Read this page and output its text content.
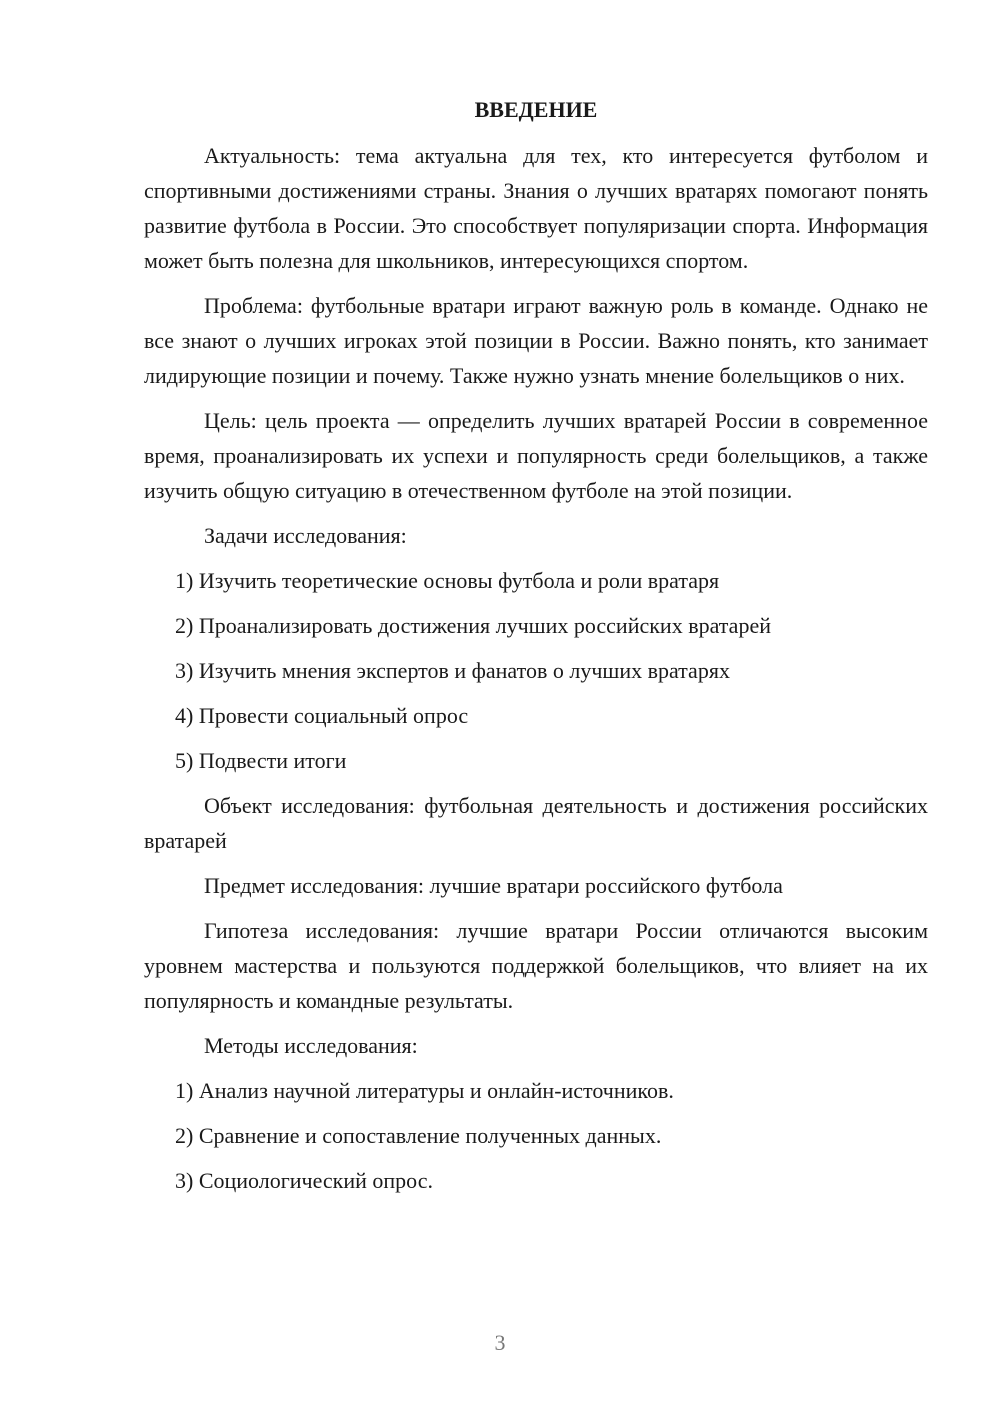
ВВЕДЕНИЕ

Актуальность: тема актуальна для тех, кто интересуется футболом и спортивными достижениями страны. Знания о лучших вратарях помогают понять развитие футбола в России. Это способствует популяризации спорта. Информация может быть полезна для школьников, интересующихся спортом.

Проблема: футбольные вратари играют важную роль в команде. Однако не все знают о лучших игроках этой позиции в России. Важно понять, кто занимает лидирующие позиции и почему. Также нужно узнать мнение болельщиков о них.

Цель: цель проекта — определить лучших вратарей России в современное время, проанализировать их успехи и популярность среди болельщиков, а также изучить общую ситуацию в отечественном футболе на этой позиции.

Задачи исследования:

1) Изучить теоретические основы футбола и роли вратаря
2) Проанализировать достижения лучших российских вратарей
3) Изучить мнения экспертов и фанатов о лучших вратарях
4) Провести социальный опрос
5) Подвести итоги

Объект исследования: футбольная деятельность и достижения российских вратарей

Предмет исследования: лучшие вратари российского футбола

Гипотеза исследования: лучшие вратари России отличаются высоким уровнем мастерства и пользуются поддержкой болельщиков, что влияет на их популярность и командные результаты.

Методы исследования:

1) Анализ научной литературы и онлайн-источников.
2) Сравнение и сопоставление полученных данных.
3) Социологический опрос.
3
